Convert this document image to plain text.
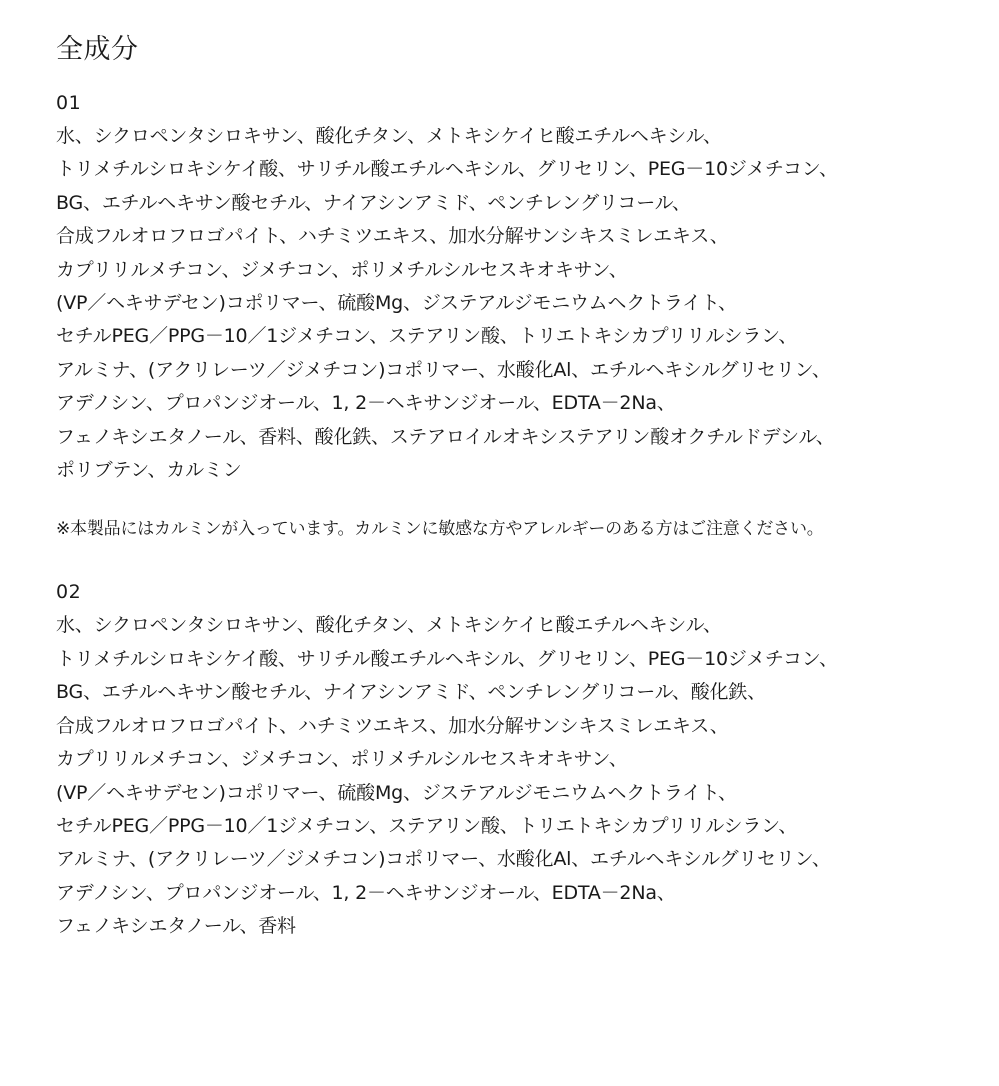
全成分

01

水、シクロペンタシロキサン、酸化チタン、メトキシケイヒ酸エチルヘキシル、

トリメチルシロキシケイ酸、サリチル酸エチルヘキシル、グリセリン、PEG－10ジメチコン、

BG、エチルヘキサン酸セチル、ナイアシンアミド、ペンチレングリコール、

合成フルオロフロゴパイト、ハチミツエキス、加水分解サンシキスミレエキス、

カプリリルメチコン、ジメチコン、ポリメチルシルセスキオキサン、

(VP／ヘキサデセン)コポリマー、硫酸Mg、ジステアルジモニウムヘクトライト、

セチルPEG／PPG－10／1ジメチコン、ステアリン酸、トリエトキシカプリリルシラン、

アルミナ、(アクリレーツ／ジメチコン)コポリマー、水酸化Al、エチルヘキシルグリセリン、

アデノシン、プロパンジオール、1, 2－ヘキサンジオール、EDTA－2Na、

フェノキシエタノール、香料、酸化鉄、ステアロイルオキシステアリン酸オクチルドデシル、

ポリブテン、カルミン

※本製品にはカルミンが入っています。カルミンに敏感な方やアレルギーのある方はご注意ください。

02

水、シクロペンタシロキサン、酸化チタン、メトキシケイヒ酸エチルヘキシル、

トリメチルシロキシケイ酸、サリチル酸エチルヘキシル、グリセリン、PEG－10ジメチコン、

BG、エチルヘキサン酸セチル、ナイアシンアミド、ペンチレングリコール、酸化鉄、

合成フルオロフロゴパイト、ハチミツエキス、加水分解サンシキスミレエキス、

カプリリルメチコン、ジメチコン、ポリメチルシルセスキオキサン、

(VP／ヘキサデセン)コポリマー、硫酸Mg、ジステアルジモニウムヘクトライト、

セチルPEG／PPG－10／1ジメチコン、ステアリン酸、トリエトキシカプリリルシラン、

アルミナ、(アクリレーツ／ジメチコン)コポリマー、水酸化Al、エチルヘキシルグリセリン、

アデノシン、プロパンジオール、1, 2－ヘキサンジオール、EDTA－2Na、

フェノキシエタノール、香料
